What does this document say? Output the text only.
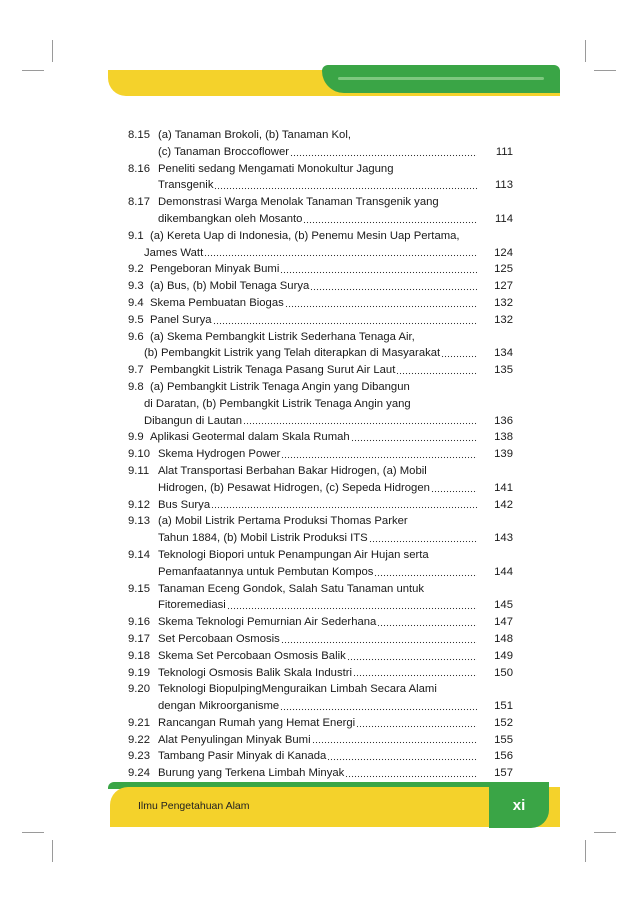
8.15 (a) Tanaman Brokoli, (b) Tanaman Kol,
(c) Tanaman Broccoflower	111
8.16 Peneliti sedang Mengamati Monokultur Jagung
Transgenik	113
8.17 Demonstrasi Warga Menolak Tanaman Transgenik yang
dikembangkan oleh Mosanto	114
9.1 (a) Kereta Uap di Indonesia, (b) Penemu Mesin Uap Pertama,
James Watt	124
9.2 Pengeboran Minyak Bumi	125
9.3 (a) Bus, (b) Mobil Tenaga Surya	127
9.4 Skema Pembuatan Biogas	132
9.5 Panel Surya	132
9.6 (a) Skema Pembangkit Listrik Sederhana Tenaga Air,
(b) Pembangkit Listrik yang Telah diterapkan di Masyarakat	134
9.7 Pembangkit Listrik Tenaga Pasang Surut Air Laut	135
9.8 (a) Pembangkit Listrik Tenaga Angin yang Dibangun
di Daratan, (b) Pembangkit Listrik Tenaga Angin yang
Dibangun di Lautan	136
9.9 Aplikasi Geotermal dalam Skala Rumah	138
9.10 Skema Hydrogen Power	139
9.11 Alat Transportasi Berbahan Bakar Hidrogen, (a) Mobil
Hidrogen, (b) Pesawat Hidrogen, (c) Sepeda Hidrogen	141
9.12 Bus Surya	142
9.13 (a) Mobil Listrik Pertama Produksi Thomas Parker
Tahun 1884, (b) Mobil Listrik Produksi ITS	143
9.14 Teknologi Biopori untuk Penampungan Air Hujan serta
Pemanfaatannya untuk Pembutan Kompos	144
9.15 Tanaman Eceng Gondok, Salah Satu Tanaman untuk
Fitoremediasi	145
9.16 Skema Teknologi Pemurnian Air Sederhana	147
9.17 Set Percobaan Osmosis	148
9.18 Skema Set Percobaan Osmosis Balik	149
9.19 Teknologi Osmosis Balik Skala Industri	150
9.20 Teknologi BiopulpingMenguraikan Limbah Secara Alami
dengan Mikroorganisme	151
9.21 Rancangan Rumah yang Hemat Energi	152
9.22 Alat Penyulingan Minyak Bumi	155
9.23 Tambang Pasir Minyak di Kanada	156
9.24 Burung yang Terkena Limbah Minyak	157
Ilmu Pengetahuan Alam	xi
